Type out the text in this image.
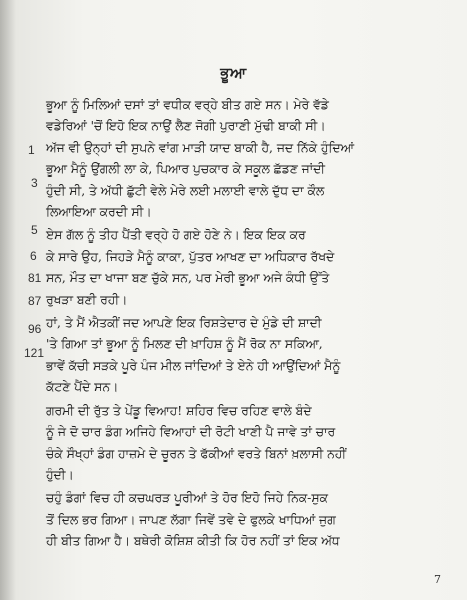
ਭੂਆ
1
3
5
6
81
87
96
121

ਭੂਆ ਨੂੰ ਮਿਲਿਆਂ ਦਸਾਂ ਤਾਂ ਵਧੀਕ ਵਰ੍ਹੇ ਬੀਤ ਗਏ ਸਨ। ਮੇਰੇ ਵੱਡੇ
ਵਡੇਰਿਆਂ 'ਚੋਂ ਇਹੋ ਇਕ ਨਾਉਂ ਲੈਣ ਜੋਗੀ ਪੁਰਾਣੀ ਮੁੱਢੀ ਬਾਕੀ ਸੀ।
ਅੱਜ ਵੀ ਉਨ੍ਹਾਂ ਦੀ ਸੁਪਨੇ ਵਾਂਗ ਮਾੜੀ ਯਾਦ ਬਾਕੀ ਹੈ, ਜਦ ਨਿੱਕੇ ਹੁੰਦਿਆਂ
ਭੂਆ ਮੈਨੂੰ ਉਂਗਲੀ ਲਾ ਕੇ, ਪਿਆਰ ਪੁਚਕਾਰ ਕੇ ਸਕੂਲ ਛੱਡਣ ਜਾਂਦੀ
ਹੁੰਦੀ ਸੀ, ਤੇ ਅੱਧੀ ਛੁੱਟੀ ਵੇਲੇ ਮੇਰੇ ਲਈ ਮਲਾਈ ਵਾਲੇ ਦੁੱਧ ਦਾ ਕੌਲ
ਲਿਆਇਆ ਕਰਦੀ ਸੀ।

ਏਸ ਗੱਲ ਨੂੰ ਤੀਹ ਪੈਂਤੀ ਵਰ੍ਹੇ ਹੋ ਗਏ ਹੋਣੇ ਨੇ। ਇਕ ਇਕ ਕਰ
ਕੇ ਸਾਰੇ ਉਹ, ਜਿਹੜੇ ਮੈਨੂੰ ਕਾਕਾ, ਪੁੱਤਰ ਆਖਣ ਦਾ ਅਧਿਕਾਰ ਰੱਖਦੇ
ਸਨ, ਮੌਤ ਦਾ ਖਾਜਾ ਬਣ ਚੁੱਕੇ ਸਨ, ਪਰ ਮੇਰੀ ਭੂਆ ਅਜੇ ਕੰਧੀ ਉੱਤੇ
ਰੁਖੜਾ ਬਣੀ ਰਹੀ।

ਹਾਂ, ਤੇ ਮੈਂ ਐਤਕੀਂ ਜਦ ਆਪਣੇ ਇਕ ਰਿਸ਼ਤੇਦਾਰ ਦੇ ਮੁੰਡੇ ਦੀ ਸ਼ਾਦੀ
'ਤੇ ਗਿਆ ਤਾਂ ਭੂਆ ਨੂੰ ਮਿਲਣ ਦੀ ਖ਼ਾਹਿਸ਼ ਨੂੰ ਮੈਂ ਰੋਕ ਨਾ ਸਕਿਆ,
ਭਾਵੇਂ ਕੱਚੀ ਸੜਕੇ ਪੂਰੇ ਪੰਜ ਮੀਲ ਜਾਂਦਿਆਂ ਤੇ ਏਨੇ ਹੀ ਆਉਂਦਿਆਂ ਮੈਨੂੰ
ਕੱਟਣੇ ਪੈਂਦੇ ਸਨ।

ਗਰਮੀ ਦੀ ਰੁੱਤ ਤੇ ਪੇਂਡੂ ਵਿਆਹ! ਸ਼ਹਿਰ ਵਿਚ ਰਹਿਣ ਵਾਲੇ ਬੰਦੇ
ਨੂੰ ਜੇ ਦੋ ਚਾਰ ਡੰਗ ਅਜਿਹੇ ਵਿਆਹਾਂ ਦੀ ਰੋਟੀ ਖਾਣੀ ਪੈ ਜਾਵੇ ਤਾਂ ਚਾਰ
ਚੰਕੇ ਸੌਖ੍ਹਾਂ ਡੰਗ ਹਾਜ਼ਮੇ ਦੇ ਚੂਰਨ ਤੇ ਫੱਕੀਆਂ ਵਰਤੇ ਬਿਨਾਂ ਖ਼ਲਾਸੀ ਨਹੀਂ
ਹੁੰਦੀ।

ਚਹੁੰ ਡੰਗਾਂ ਵਿਚ ਹੀ ਕਚਘਰੜ ਪੂਰੀਆਂ ਤੇ ਹੋਰ ਇਹੋ ਜਿਹੇ ਨਿਕ-ਸੁਕ
ਤੋਂ ਦਿਲ ਭਰ ਗਿਆ। ਜਾਪਣ ਲੱਗਾ ਜਿਵੇਂ ਤਵੇ ਦੇ ਫੁਲਕੇ ਖਾਧਿਆਂ ਜੁਗ
ਹੀ ਬੀਤ ਗਿਆ ਹੈ। ਬਥੇਰੀ ਕੋਸ਼ਿਸ਼ ਕੀਤੀ ਕਿ ਹੋਰ ਨਹੀਂ ਤਾਂ ਇਕ ਅੱਧ

7
